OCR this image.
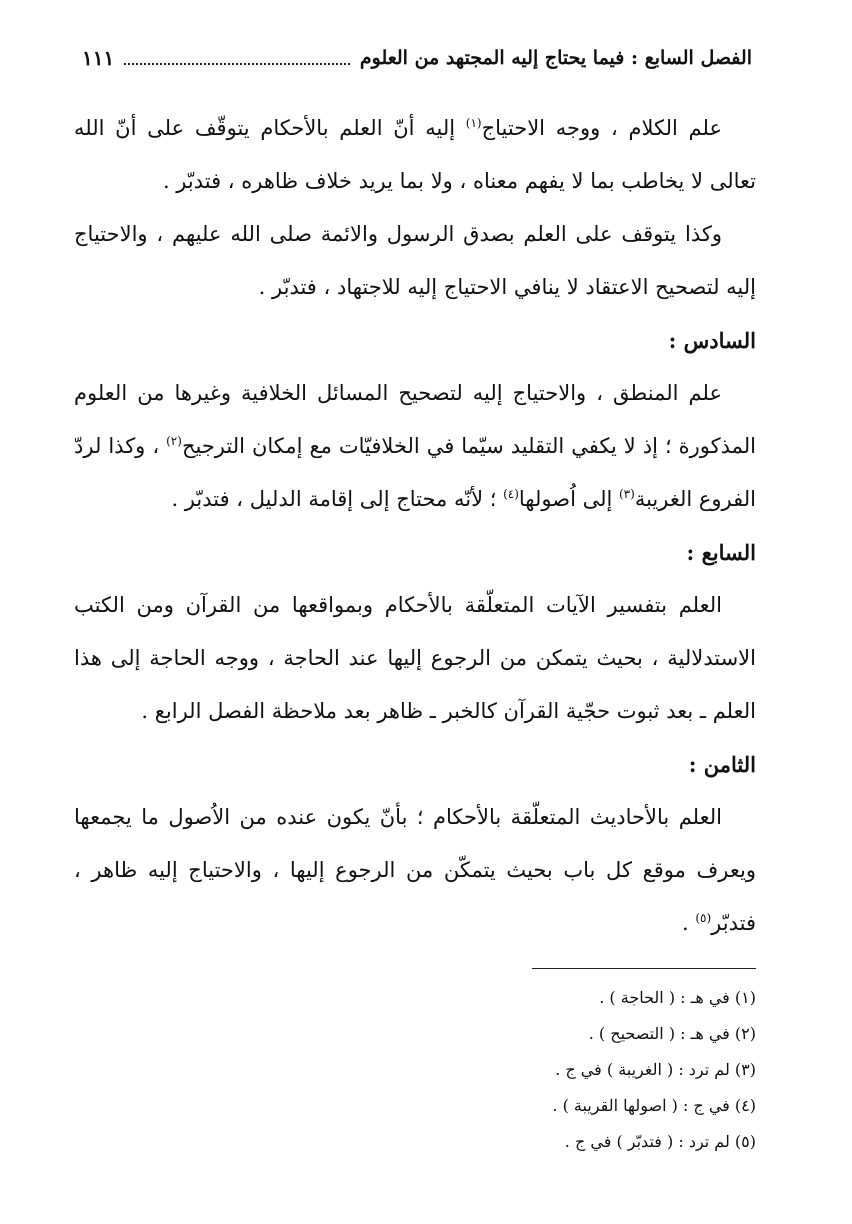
الفصل السابع : فيما يحتاج إليه المجتهد من العلوم
١١١

علم الكلام ، ووجه الاحتياج$^{(١)}$ إليه أنّ العلم بالأحكام يتوقّف على أنّ الله تعالى لا يخاطب بما لا يفهم معناه ، ولا بما يريد خلاف ظاهره ، فتدبّر .

وكذا يتوقف على العلم بصدق الرسول والائمة صلى الله عليهم ، والاحتياج إليه لتصحيح الاعتقاد لا ينافي الاحتياج إليه للاجتهاد ، فتدبّر .

السادس :

علم المنطق ، والاحتياج إليه لتصحيح المسائل الخلافية وغيرها من العلوم المذكورة ؛ إذ لا يكفي التقليد سيّما في الخلافيّات مع إمكان الترجيح$^{(٢)}$ ، وكذا لردّ الفروع الغريبة$^{(٣)}$ إلى اُصولها$^{(٤)}$ ؛ لأنّه محتاج إلى إقامة الدليل ، فتدبّر .

السابع :

العلم بتفسير الآيات المتعلّقة بالأحكام وبمواقعها من القرآن ومن الكتب الاستدلالية ، بحيث يتمكن من الرجوع إليها عند الحاجة ، ووجه الحاجة إلى هذا العلم ـ بعد ثبوت حجّية القرآن كالخبر ـ ظاهر بعد ملاحظة الفصل الرابع .

الثامن :

العلم بالأحاديث المتعلّقة بالأحكام ؛ بأنّ يكون عنده من الاُصول ما يجمعها ويعرف موقع كل باب بحيث يتمكّن من الرجوع إليها ، والاحتياج إليه ظاهر ، فتدبّر$^{(٥)}$ .

(١) في هـ : ( الحاجة ) .

(٢) في هـ : ( التصحيح ) .

(٣) لم ترد : ( الغريبة ) في ج .

(٤) في ج : ( اصولها القريبة ) .

(٥) لم ترد : ( فتدبّر ) في ج .
